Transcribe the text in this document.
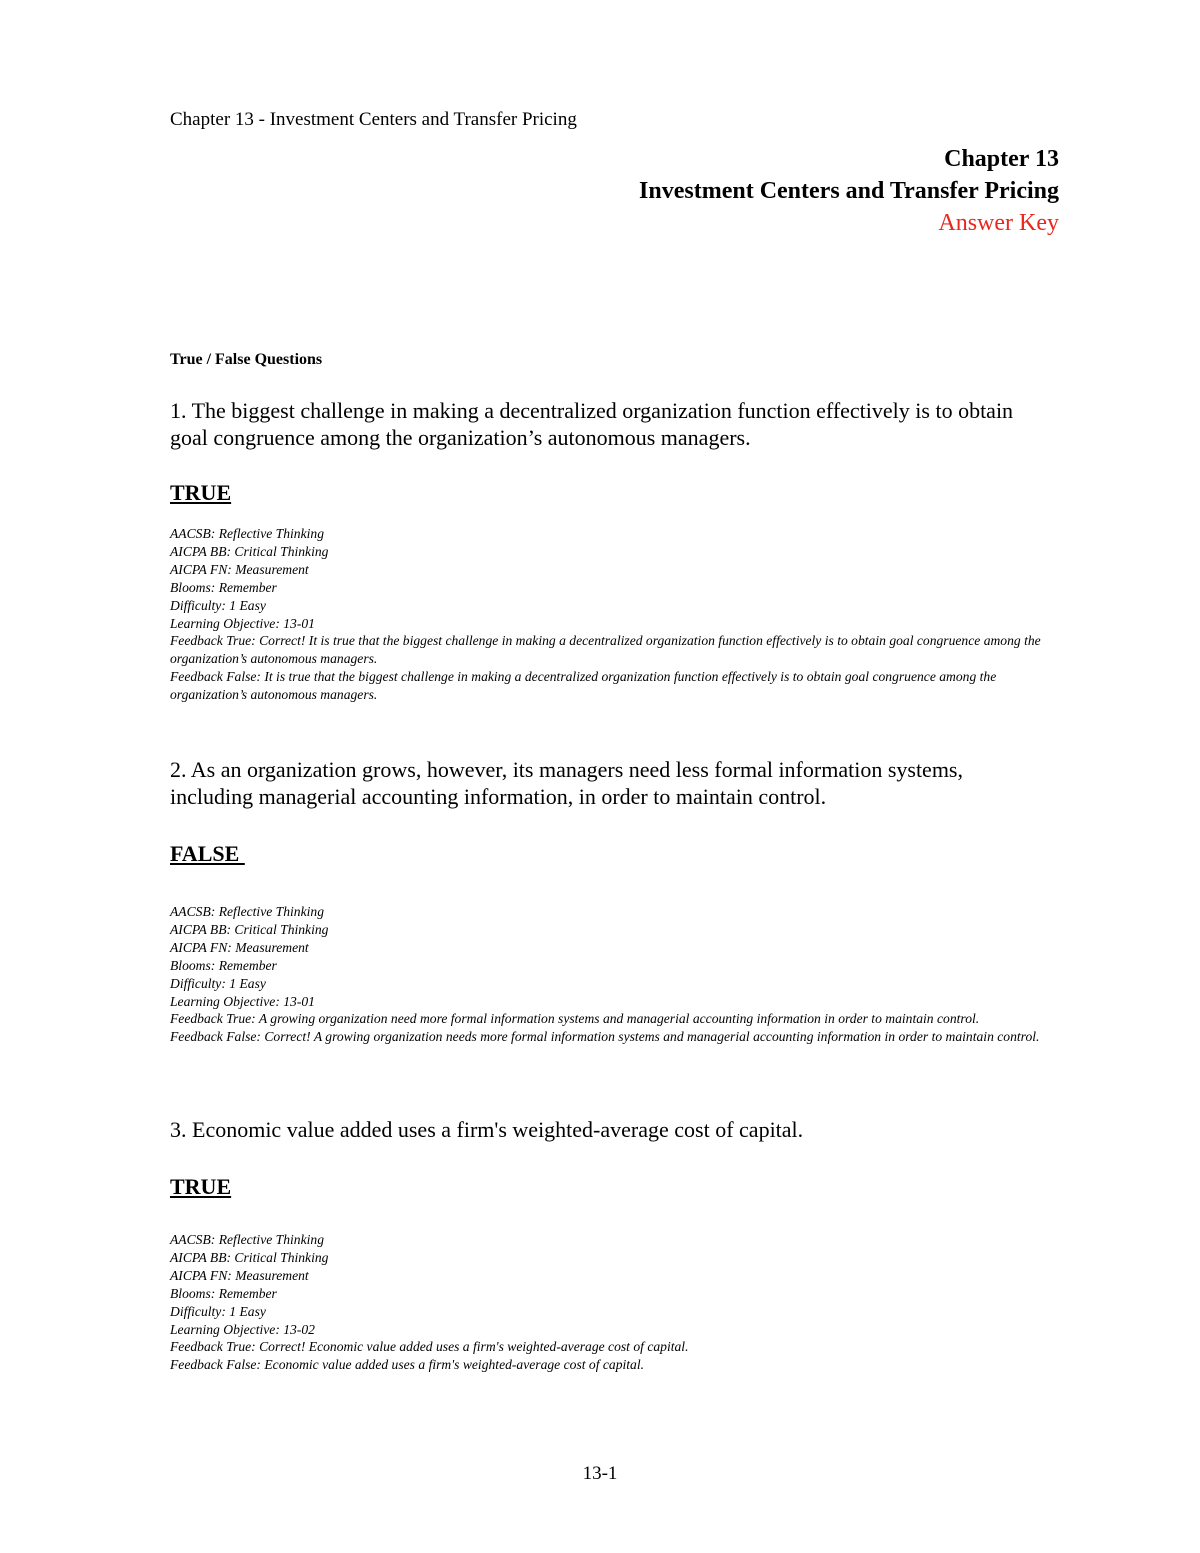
Chapter 13 - Investment Centers and Transfer Pricing
Chapter 13
Investment Centers and Transfer Pricing
Answer Key
True / False Questions
1. The biggest challenge in making a decentralized organization function effectively is to obtain goal congruence among the organization’s autonomous managers.
TRUE
AACSB: Reflective Thinking
AICPA BB: Critical Thinking
AICPA FN: Measurement
Blooms: Remember
Difficulty: 1 Easy
Learning Objective: 13-01
Feedback True: Correct! It is true that the biggest challenge in making a decentralized organization function effectively is to obtain goal congruence among the organization’s autonomous managers.
Feedback False: It is true that the biggest challenge in making a decentralized organization function effectively is to obtain goal congruence among the organization’s autonomous managers.
2. As an organization grows, however, its managers need less formal information systems, including managerial accounting information, in order to maintain control.
FALSE
AACSB: Reflective Thinking
AICPA BB: Critical Thinking
AICPA FN: Measurement
Blooms: Remember
Difficulty: 1 Easy
Learning Objective: 13-01
Feedback True: A growing organization need more formal information systems and managerial accounting information in order to maintain control.
Feedback False: Correct! A growing organization needs more formal information systems and managerial accounting information in order to maintain control.
3. Economic value added uses a firm's weighted-average cost of capital.
TRUE
AACSB: Reflective Thinking
AICPA BB: Critical Thinking
AICPA FN: Measurement
Blooms: Remember
Difficulty: 1 Easy
Learning Objective: 13-02
Feedback True: Correct! Economic value added uses a firm's weighted-average cost of capital.
Feedback False: Economic value added uses a firm's weighted-average cost of capital.
13-1
